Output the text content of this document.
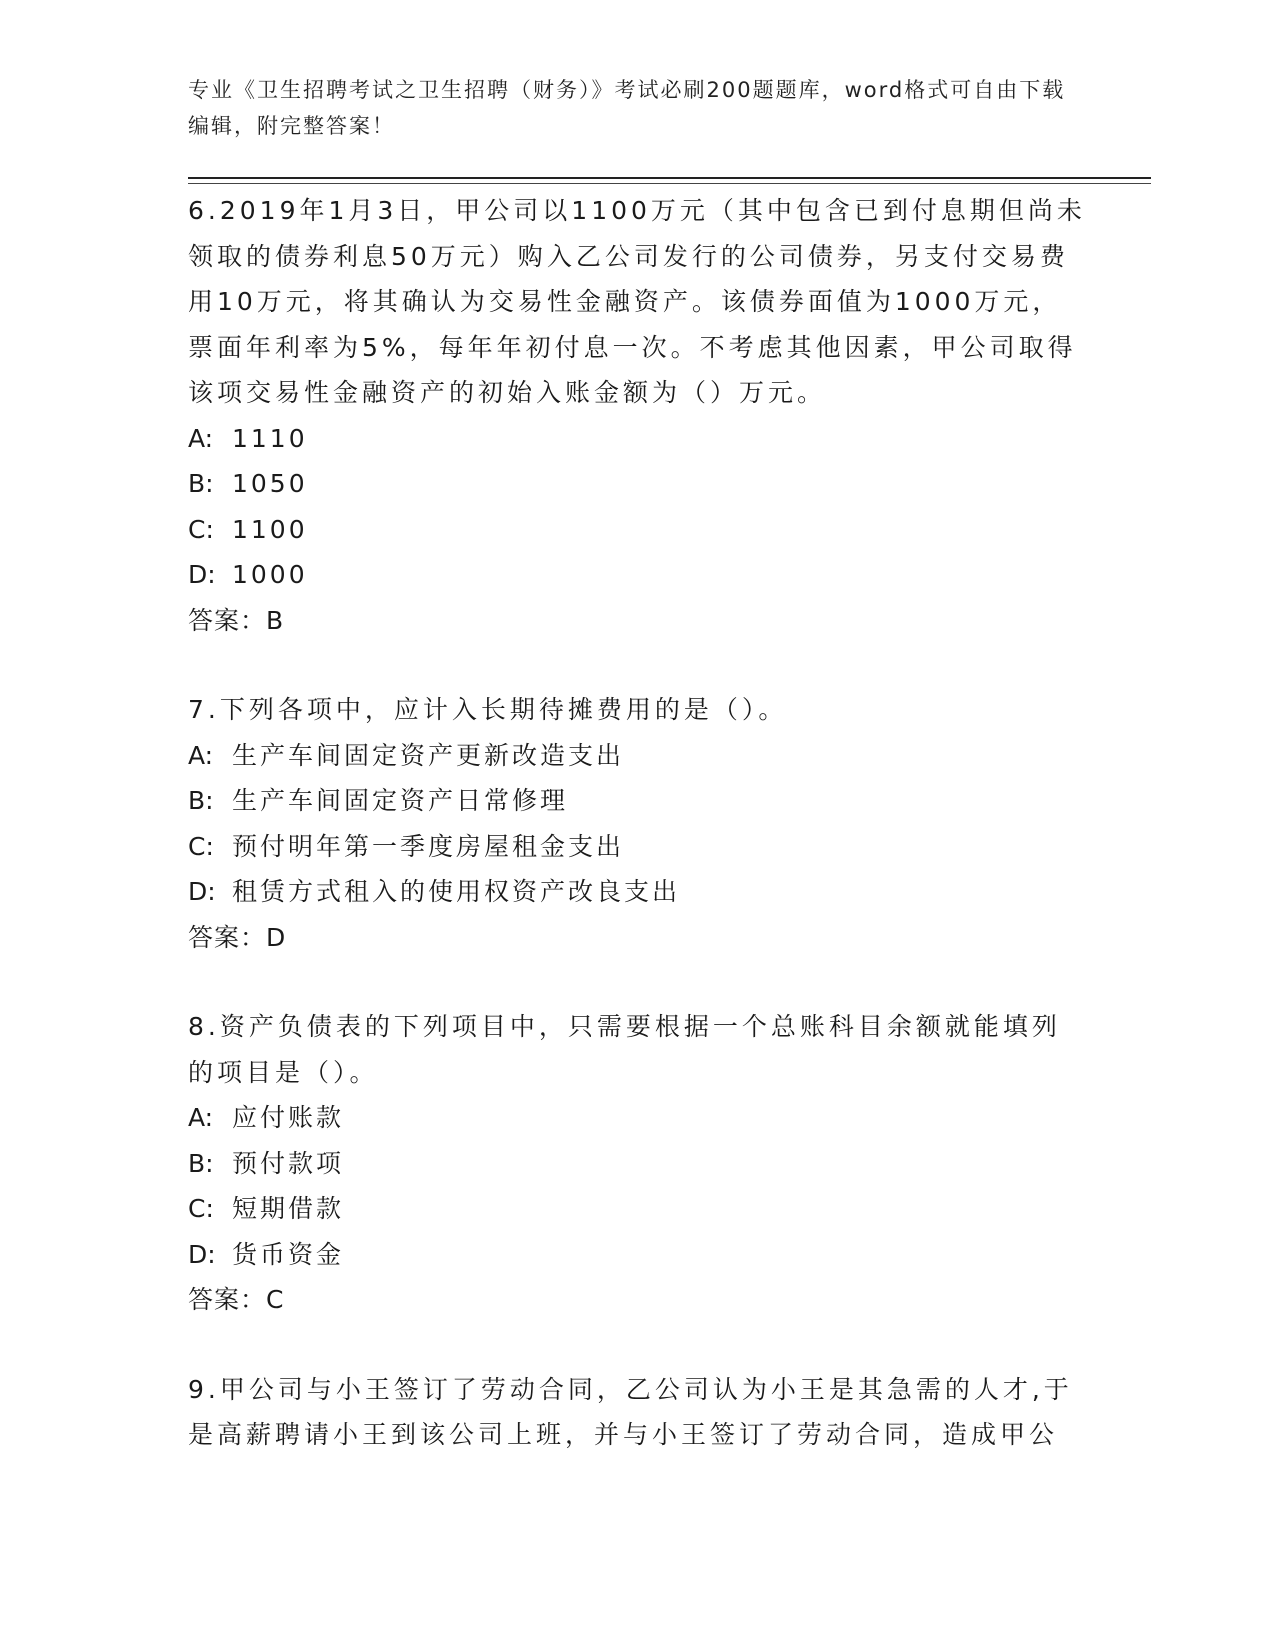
专业《卫生招聘考试之卫生招聘（财务）》考试必刷200题题库，word格式可自由下载编辑，附完整答案！

6.2019年1月3日，甲公司以1100万元（其中包含已到付息期但尚未领取的债券利息50万元）购入乙公司发行的公司债券，另支付交易费用10万元，将其确认为交易性金融资产。该债券面值为1000万元，票面年利率为5%，每年年初付息一次。不考虑其他因素，甲公司取得该项交易性金融资产的初始入账金额为（）万元。

A: 1110

B: 1050

C: 1100

D: 1000

答案：B

7.下列各项中，应计入长期待摊费用的是（）。

A: 生产车间固定资产更新改造支出

B: 生产车间固定资产日常修理

C: 预付明年第一季度房屋租金支出

D: 租赁方式租入的使用权资产改良支出

答案：D

8.资产负债表的下列项目中，只需要根据一个总账科目余额就能填列的项目是（）。

A: 应付账款

B: 预付款项

C: 短期借款

D: 货币资金

答案：C

9.甲公司与小王签订了劳动合同，乙公司认为小王是其急需的人才,于是高薪聘请小王到该公司上班，并与小王签订了劳动合同，造成甲公
